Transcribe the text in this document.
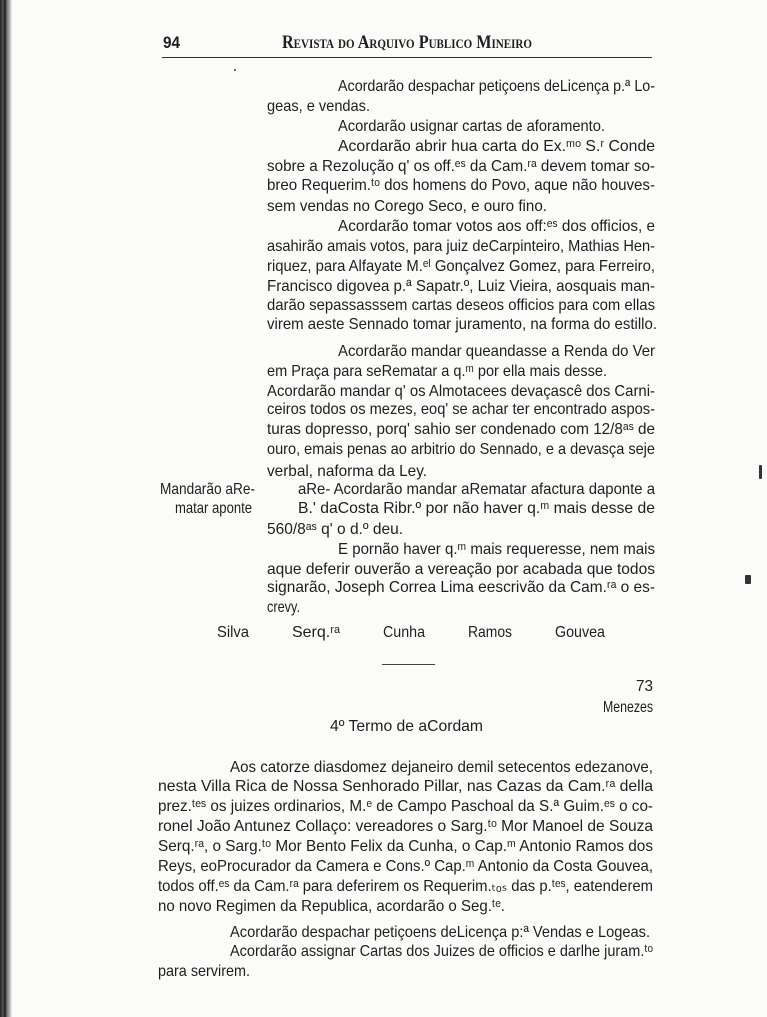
94	Revista do Arquivo Publico Mineiro
Acordarão despachar petiçoens deLicença p.ª Lo-
geas, e vendas.
Acordarão usignar cartas de aforamento.
Acordarão abrir hua carta do Ex.ᵐᵒ S.ʳ Conde
sobre a Rezolução q' os off.ᵉˢ da Cam.ʳᵃ devem tomar so-
breo Requerim.ᵗᵒ dos homens do Povo, aque não houves-
sem vendas no Corego Seco, e ouro fino.
Acordarão tomar votos aos off:ᵉˢ dos officios, e
asahirão amais votos, para juiz deCarpinteiro, Mathias Hen-
riquez, para Alfayate M.ᵉˡ Gonçalvez Gomez, para Ferreiro,
Francisco digovea p.ª Sapatr.º, Luiz Vieira, aosquais man-
darão sepassasssem cartas deseos officios para com ellas
virem aeste Sennado tomar juramento, na forma do estillo.
Acordarão mandar queandasse a Renda do Ver
em Praça para seRematar a q.ᵐ por ella mais desse.
Acordarão mandar q' os Almotacees devaçascê dos Carni-
ceiros todos os mezes, eoq' se achar ter encontrado aspos-
turas dopresso, porq' sahio ser condenado com 12/8ᵃˢ de
ouro, emais penas ao arbitrio do Sennado, e a devasça seje
verbal, naforma da Ley.
aRe- Acordarão mandar aRematar afactura daponte a
B.' daCosta Ribr.º por não haver q.ᵐ mais desse de
560/8ᵃˢ q' o d.º deu.
E pornão haver q.ᵐ mais requeresse, nem mais
aque deferir ouverão a vereação por acabada que todos
signarão, Joseph Correa Lima eescrivão da Cam.ʳᵃ o es-
crevy.
Mandarão aRe-
matar aponte
Silva	Serq.ʳᵃ	Cunha	Ramos	Gouvea
73
Menezes
4º Termo de aCordam
Aos catorze diasdomez dejaneiro demil setecentos edezanove,
nesta Villa Rica de Nossa Senhorado Pillar, nas Cazas da Cam.ʳᵃ della
prez.ᵗᵉˢ os juizes ordinarios, M.ᵉ de Campo Paschoal da S.ª Guim.ᵉˢ o co-
ronel João Antunez Collaço: vereadores o Sarg.ᵗᵒ Mor Manoel de Souza
Serq.ʳᵃ, o Sarg.ᵗᵒ Mor Bento Felix da Cunha, o Cap.ᵐ Antonio Ramos dos
Reys, eoProcurador da Camera e Cons.º Cap.ᵐ Antonio da Costa Gouvea,
todos off.ᵉˢ da Cam.ʳᵃ para deferirem os Requerim.ₜₒₛ das p.ᵗᵉˢ, eatenderem
no novo Regimen da Republica, acordarão o Seg.ᵗᵉ.
Acordarão despachar petiçoens deLicença p:ª Vendas e Logeas.
Acordarão assignar Cartas dos Juizes de officios e darlhe juram.ᵗᵒ
para servirem.
